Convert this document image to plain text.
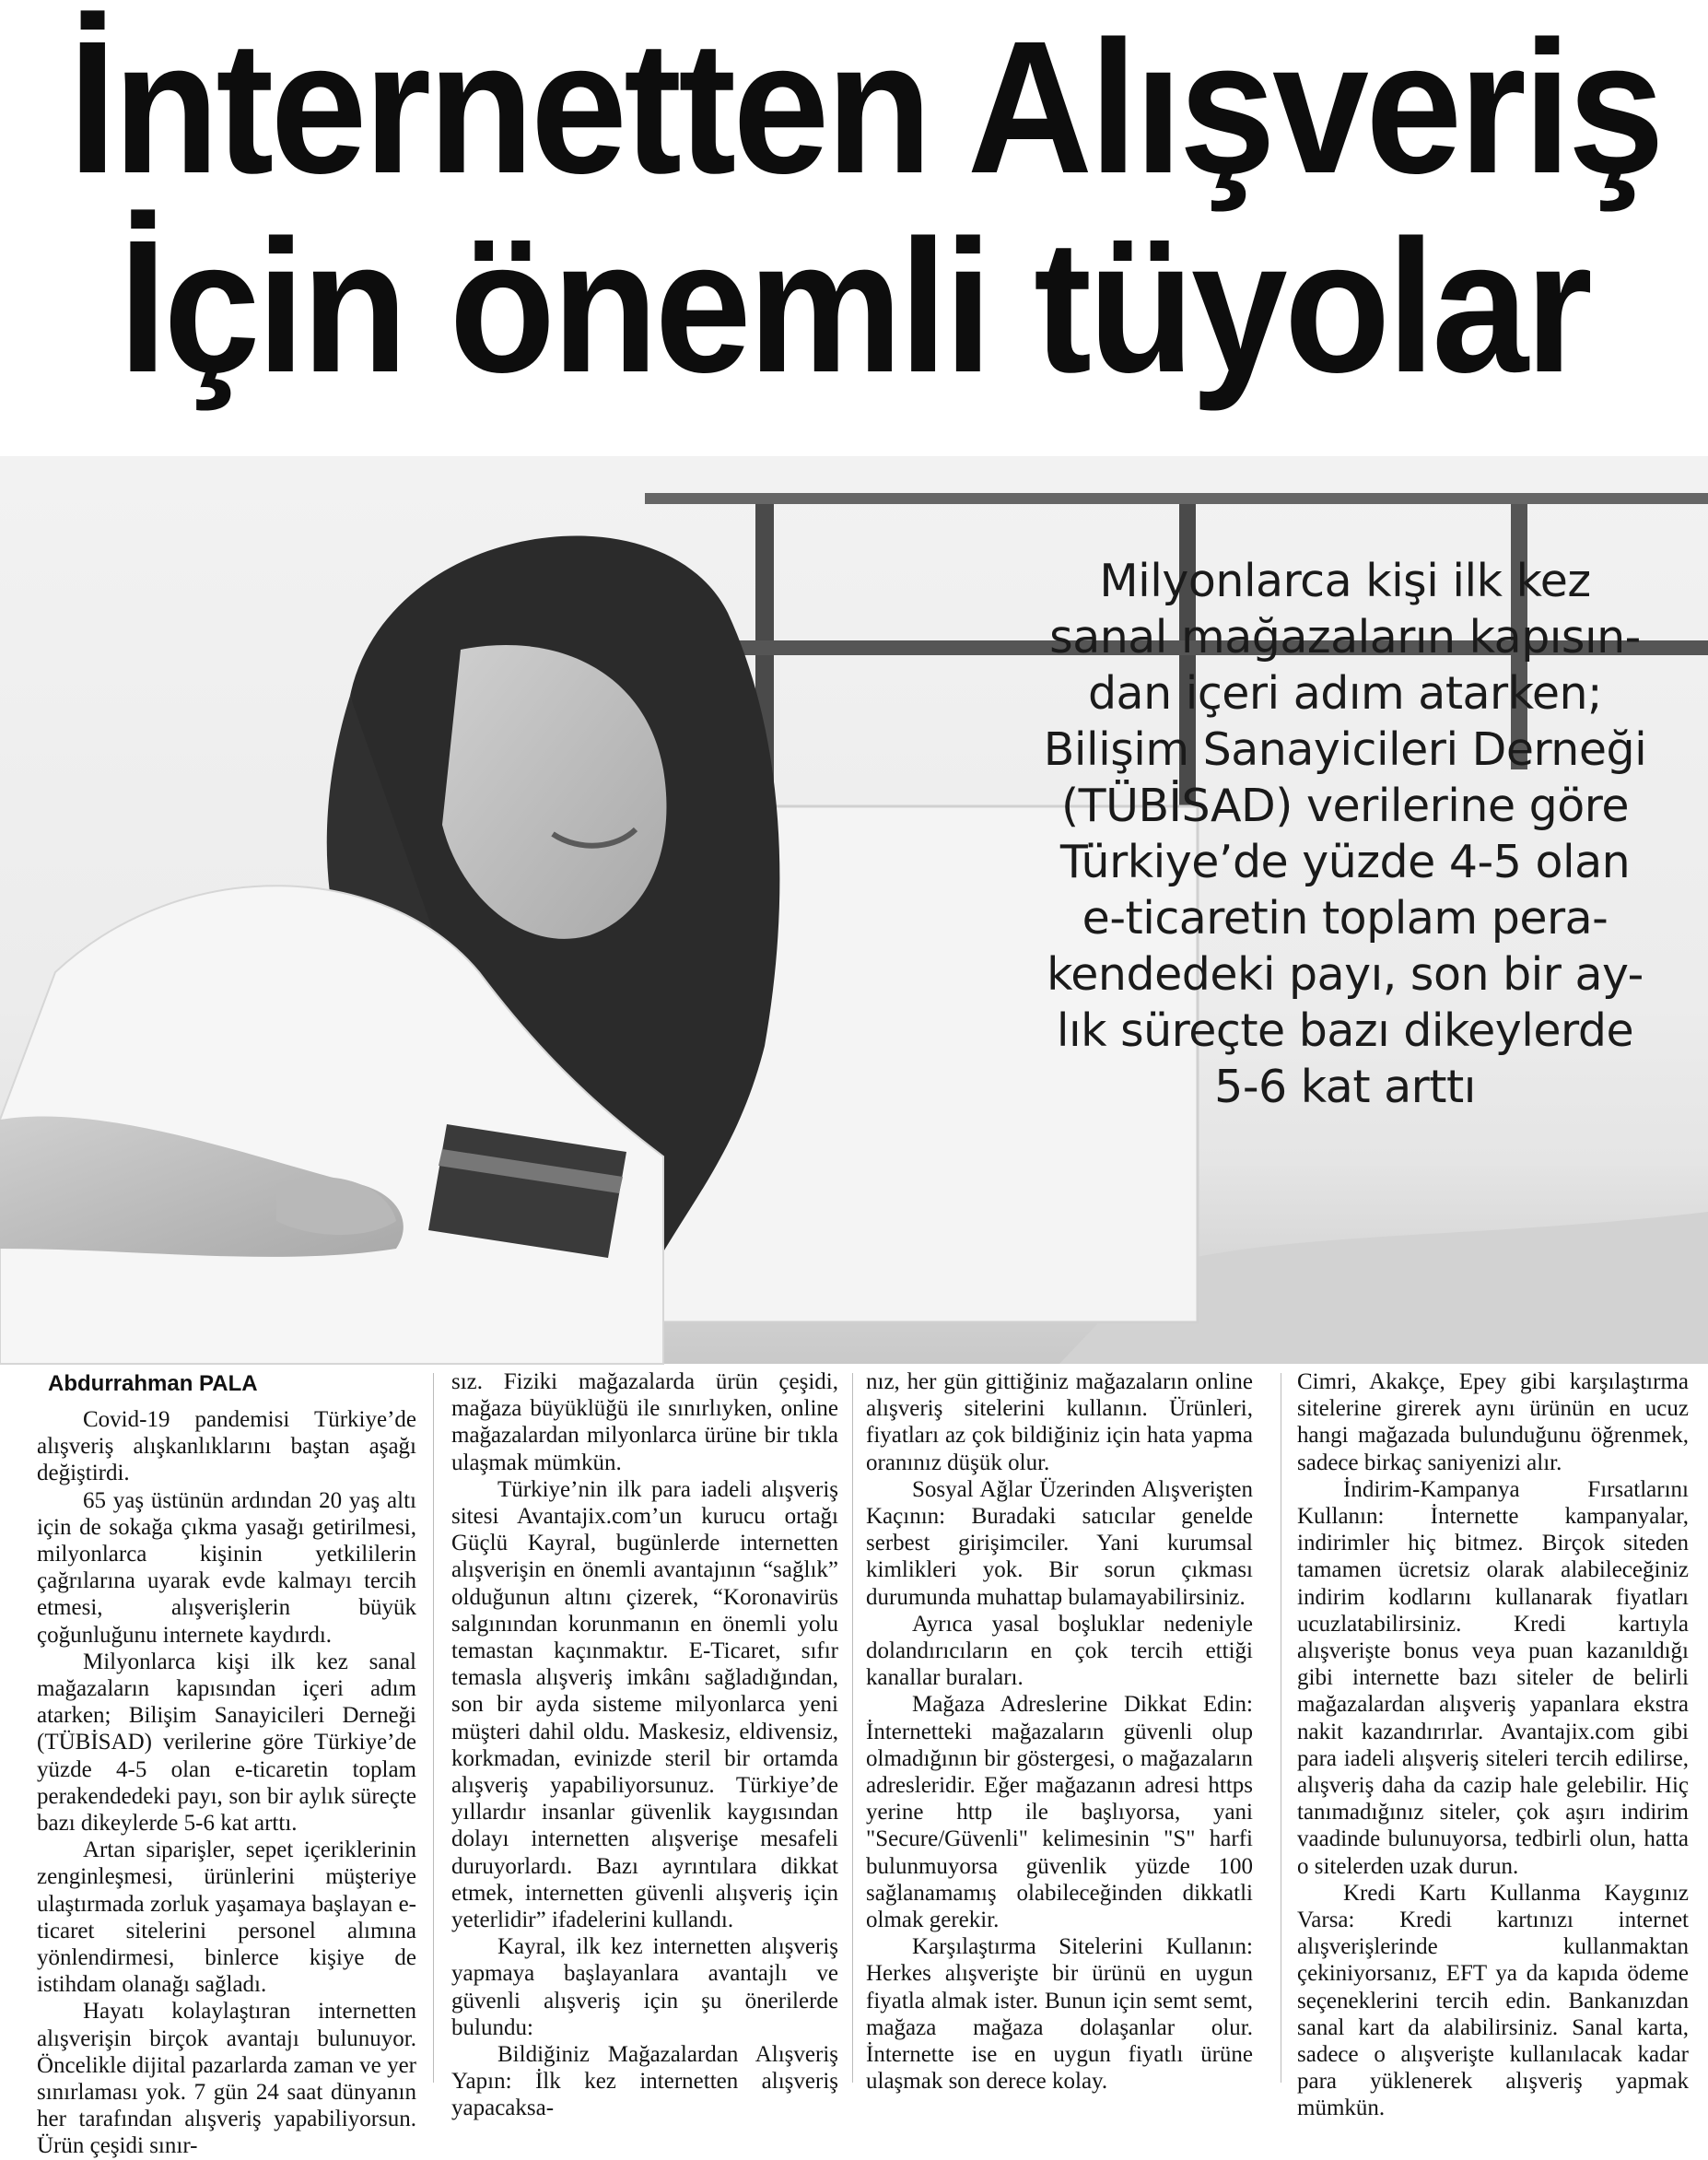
İnternetten Alışveriş
İçin önemli tüyolar
Milyonlarca kişi ilk kez
sanal mağazaların kapısın-
dan içeri adım atarken;
Bilişim Sanayicileri Derneği
(TÜBİSAD) verilerine göre
Türkiye’de yüzde 4-5 olan
e-ticaretin toplam pera-
kendedeki payı, son bir ay-
lık süreçte bazı dikeylerde
5-6 kat arttı
Abdurrahman PALA

Covid-19 pandemisi Türkiye’de alışveriş alışkanlıklarını baştan aşağı değiştirdi.

65 yaş üstünün ardından 20 yaş altı için de sokağa çıkma yasağı getirilmesi, milyonlarca kişinin yetkililerin çağrılarına uyarak evde kalmayı tercih etmesi, alışverişlerin büyük çoğunluğunu internete kaydırdı.

Milyonlarca kişi ilk kez sanal mağazaların kapısından içeri adım atarken; Bilişim Sanayicileri Derneği (TÜBİSAD) verilerine göre Türkiye’de yüzde 4-5 olan e-ticaretin toplam perakendedeki payı, son bir aylık süreçte bazı dikeylerde 5-6 kat arttı.

Artan siparişler, sepet içeriklerinin zenginleşmesi, ürünlerini müşteriye ulaştırmada zorluk yaşamaya başlayan e-ticaret sitelerini personel alımına yönlendirmesi, binlerce kişiye de istihdam olanağı sağladı.

Hayatı kolaylaştıran internetten alışverişin birçok avantajı bulunuyor. Öncelikle dijital pazarlarda zaman ve yer sınırlaması yok. 7 gün 24 saat dünyanın her tarafından alışveriş yapabiliyorsun. Ürün çeşidi sınır-

sız. Fiziki mağazalarda ürün çeşidi, mağaza büyüklüğü ile sınırlıyken, online mağazalardan milyonlarca ürüne bir tıkla ulaşmak mümkün.

Türkiye’nin ilk para iadeli alışveriş sitesi Avantajix.com’un kurucu ortağı Güçlü Kayral, bugünlerde internetten alışverişin en önemli avantajının “sağlık” olduğunun altını çizerek, “Koronavirüs salgınından korunmanın en önemli yolu temastan kaçınmaktır. E-Ticaret, sıfır temasla alışveriş imkânı sağladığından, son bir ayda sisteme milyonlarca yeni müşteri dahil oldu. Maskesiz, eldivensiz, korkmadan, evinizde steril bir ortamda alışveriş yapabiliyorsunuz. Türkiye’de yıllardır insanlar güvenlik kaygısından dolayı internetten alışverişe mesafeli duruyorlardı. Bazı ayrıntılara dikkat etmek, internetten güvenli alışveriş için yeterlidir” ifadelerini kullandı.

Kayral, ilk kez internetten alışveriş yapmaya başlayanlara avantajlı ve güvenli alışveriş için şu önerilerde bulundu:

Bildiğiniz Mağazalardan Alışveriş Yapın: İlk kez internetten alışveriş yapacaksa-

nız, her gün gittiğiniz mağazaların online alışveriş sitelerini kullanın. Ürünleri, fiyatları az çok bildiğiniz için hata yapma oranınız düşük olur.

Sosyal Ağlar Üzerinden Alışverişten Kaçının: Buradaki satıcılar genelde serbest girişimciler. Yani kurumsal kimlikleri yok. Bir sorun çıkması durumunda muhattap bulamayabilirsiniz.

Ayrıca yasal boşluklar nedeniyle dolandırıcıların en çok tercih ettiği kanallar buraları.

Mağaza Adreslerine Dikkat Edin: İnternetteki mağazaların güvenli olup olmadığının bir göstergesi, o mağazaların adresleridir. Eğer mağazanın adresi https yerine http ile başlıyorsa, yani "Secure/Güvenli" kelimesinin "S" harfi bulunmuyorsa güvenlik yüzde 100 sağlanamamış olabileceğinden dikkatli olmak gerekir.

Karşılaştırma Sitelerini Kullanın: Herkes alışverişte bir ürünü en uygun fiyatla almak ister. Bunun için semt semt, mağaza mağaza dolaşanlar olur. İnternette ise en uygun fiyatlı ürüne ulaşmak son derece kolay.

Cimri, Akakçe, Epey gibi karşılaştırma sitelerine girerek aynı ürünün en ucuz hangi mağazada bulunduğunu öğrenmek, sadece birkaç saniyenizi alır.

İndirim-Kampanya Fırsatlarını Kullanın: İnternette kampanyalar, indirimler hiç bitmez. Birçok siteden tamamen ücretsiz olarak alabileceğiniz indirim kodlarını kullanarak fiyatları ucuzlatabilirsiniz. Kredi kartıyla alışverişte bonus veya puan kazanıldığı gibi internette bazı siteler de belirli mağazalardan alışveriş yapanlara ekstra nakit kazandırırlar. Avantajix.com gibi para iadeli alışveriş siteleri tercih edilirse, alışveriş daha da cazip hale gelebilir. Hiç tanımadığınız siteler, çok aşırı indirim vaadinde bulunuyorsa, tedbirli olun, hatta o sitelerden uzak durun.

Kredi Kartı Kullanma Kaygınız Varsa: Kredi kartınızı internet alışverişlerinde kullanmaktan çekiniyorsanız, EFT ya da kapıda ödeme seçeneklerini tercih edin. Bankanızdan sanal kart da alabilirsiniz. Sanal karta, sadece o alışverişte kullanılacak kadar para yüklenerek alışveriş yapmak mümkün.
